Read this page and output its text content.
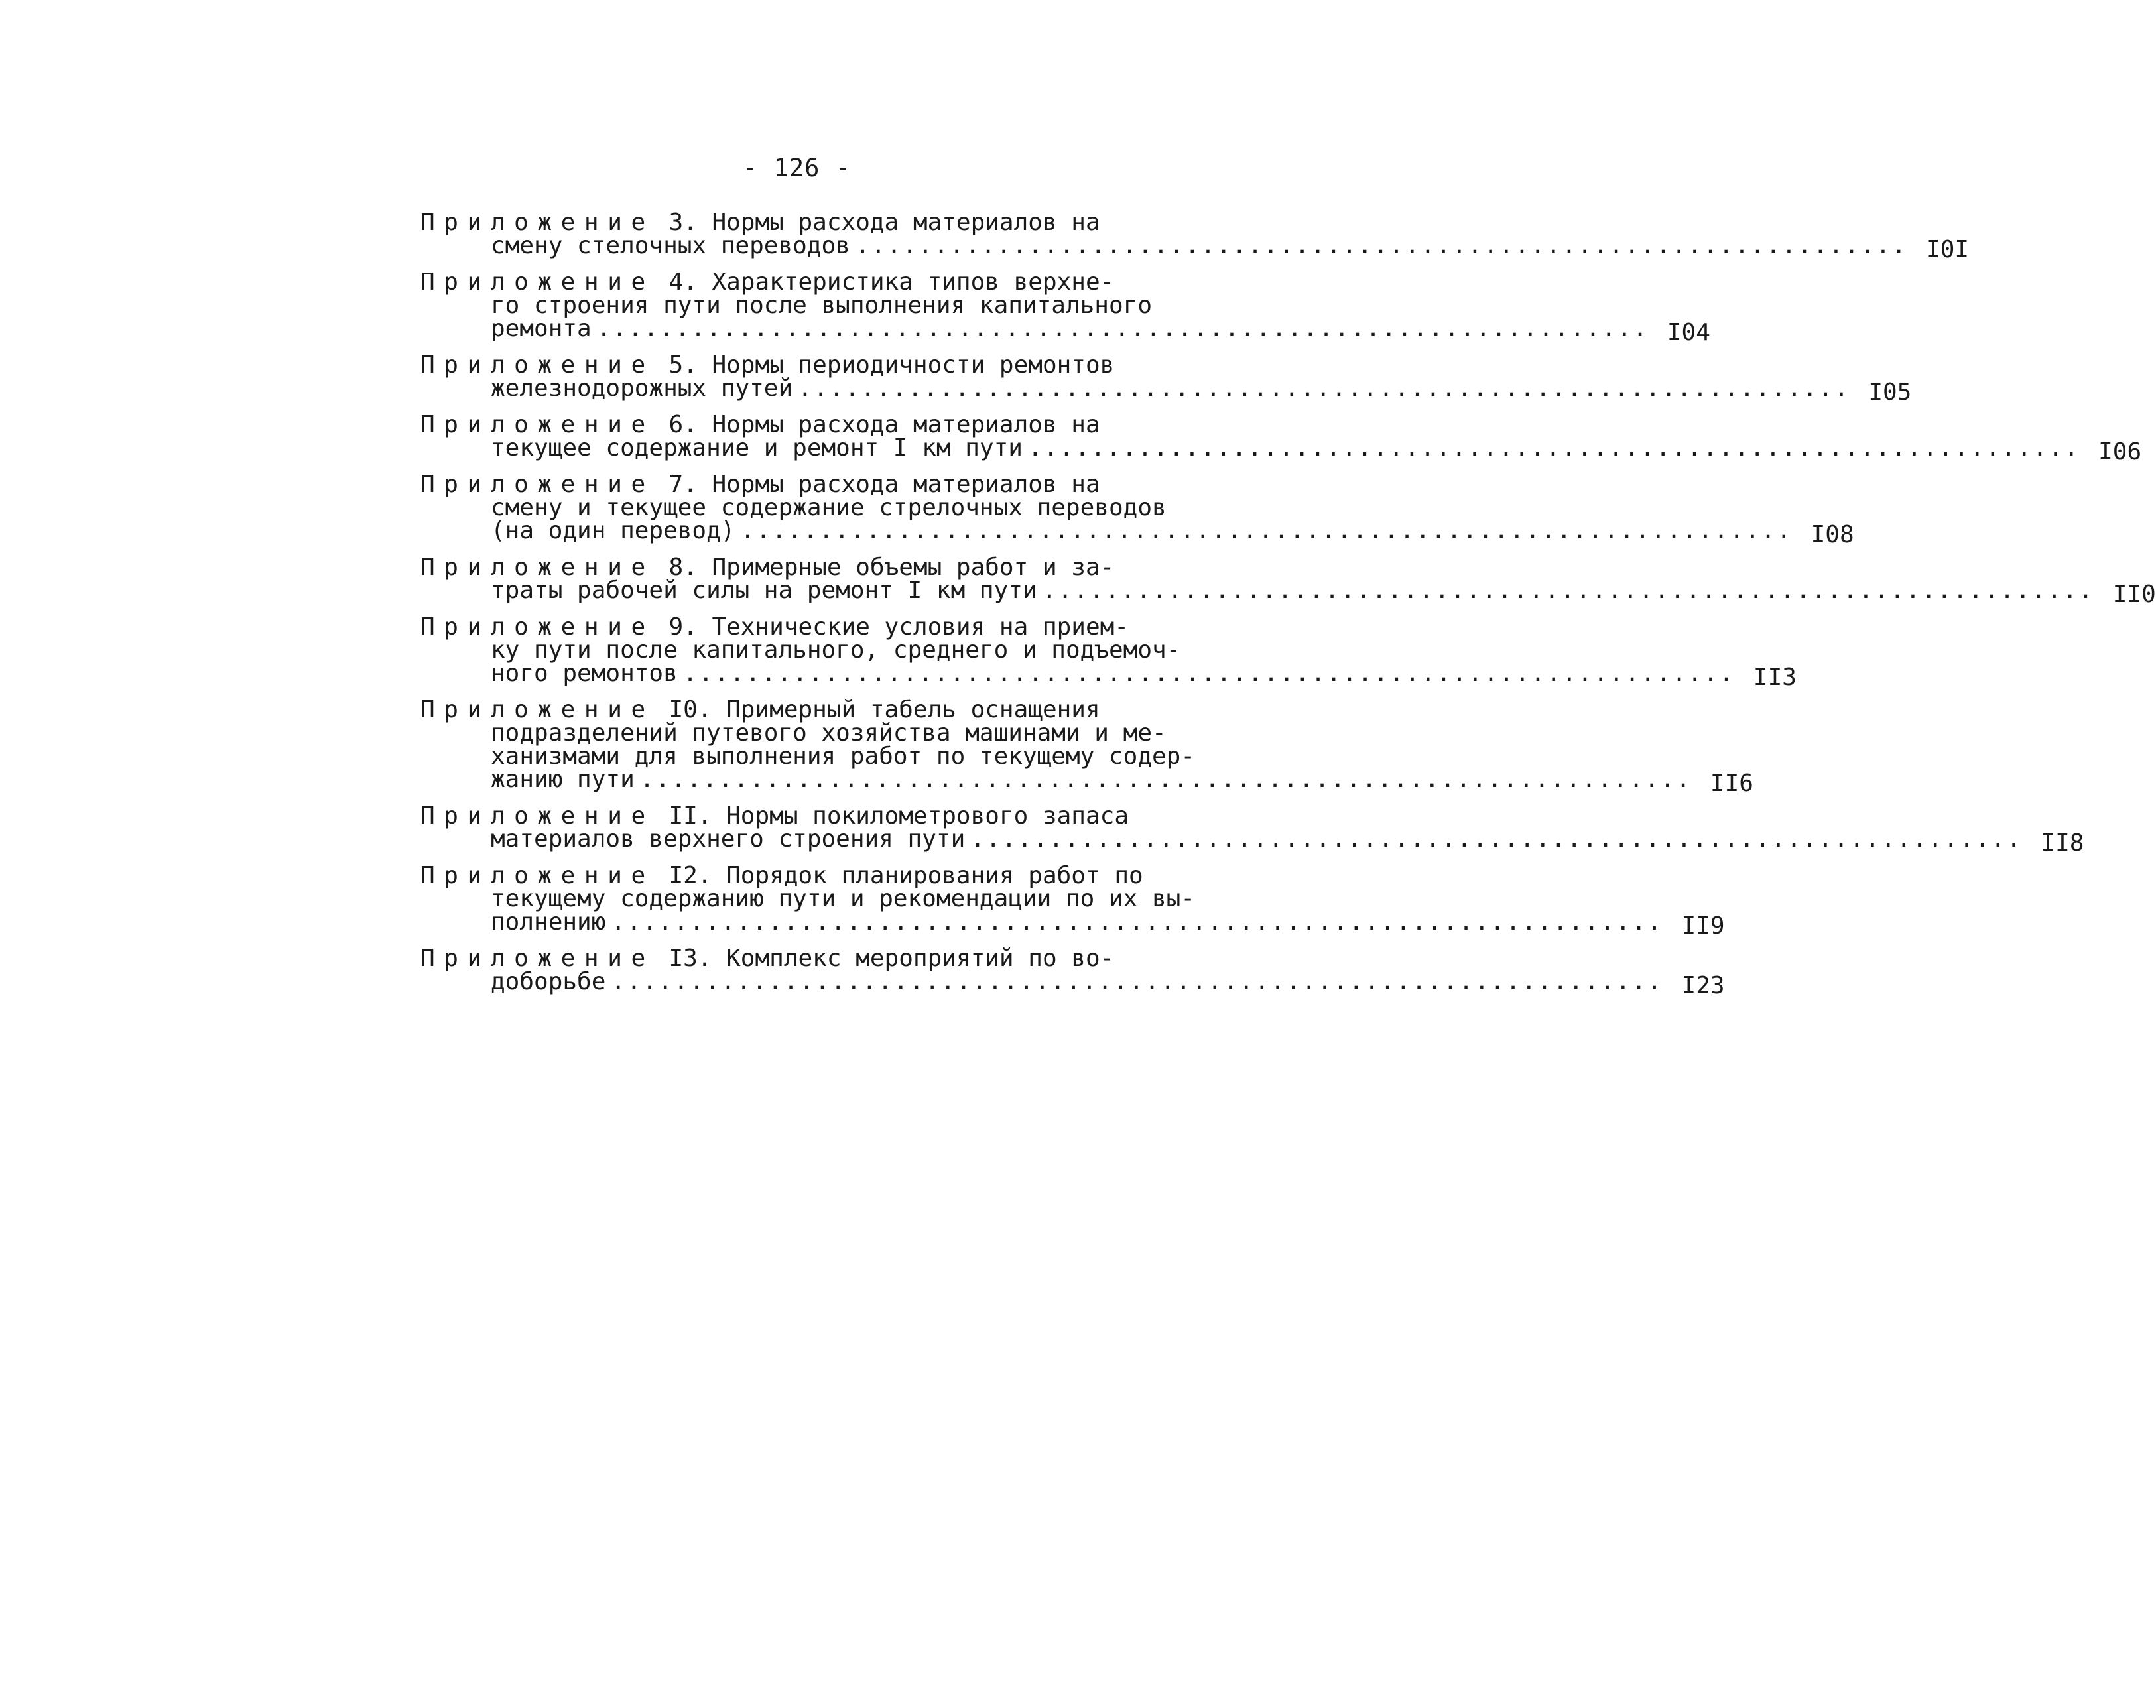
- 126 -
Приложение 3. Нормы расхода материалов на
смену стелочных переводов ................................................................... I0I
Приложение 4. Характеристика типов верхне-
го строения пути после выполнения капитального
ремонта ................................................................... I04
Приложение 5. Нормы периодичности ремонтов
железнодорожных путей ................................................................... I05
Приложение 6. Нормы расхода материалов на
текущее содержание и ремонт I км пути ................................................................... I06
Приложение 7. Нормы расхода материалов на
смену и текущее содержание стрелочных переводов
(на один перевод) ................................................................... I08
Приложение 8. Примерные объемы работ и за-
траты рабочей силы на ремонт I км пути ................................................................... II0
Приложение 9. Технические условия на прием-
ку пути после капитального, среднего и подъемоч-
ного ремонтов ................................................................... II3
Приложение I0. Примерный табель оснащения
подразделений путевого хозяйства машинами и ме-
ханизмами для выполнения работ по текущему содер-
жанию пути ................................................................... II6
Приложение II. Нормы покилометрового запаса
материалов верхнего строения пути ................................................................... II8
Приложение I2. Порядок планирования работ по
текущему содержанию пути и рекомендации по их вы-
полнению ................................................................... II9
Приложение I3. Комплекс мероприятий по во-
доборьбе ................................................................... I23
